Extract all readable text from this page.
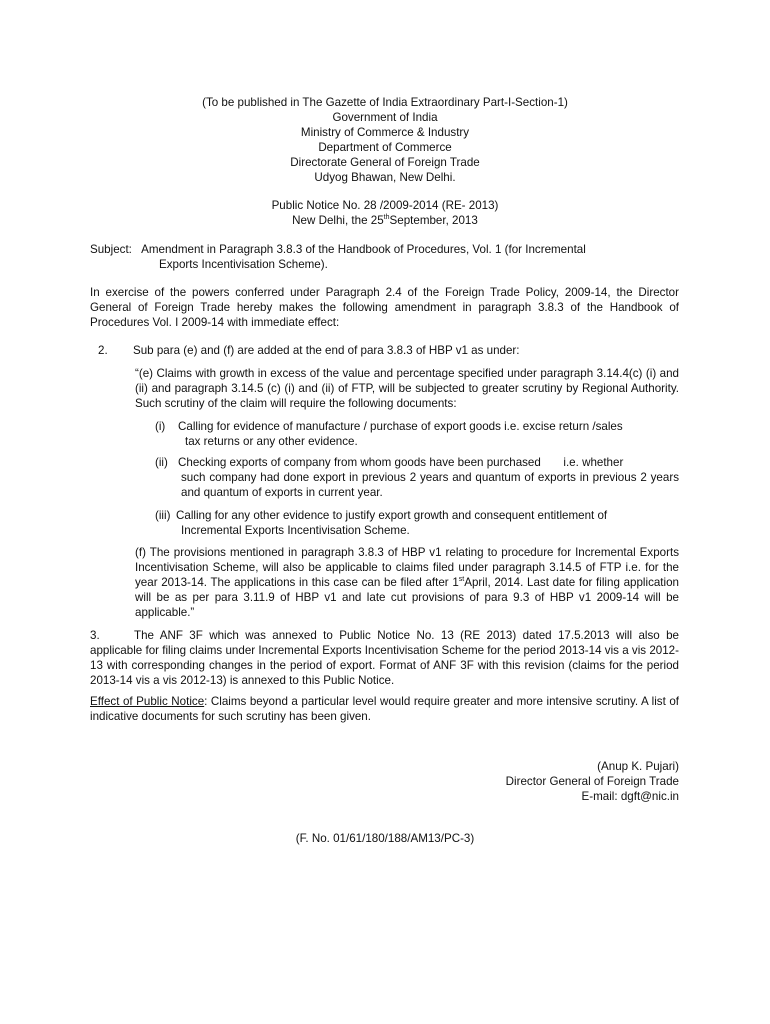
(To be published in The Gazette of India Extraordinary Part-I-Section-1)
Government of India
Ministry of Commerce & Industry
Department of Commerce
Directorate General of Foreign Trade
Udyog Bhawan, New Delhi.
Public Notice No. 28 /2009-2014 (RE- 2013)
New Delhi, the 25thSeptember, 2013
Subject: Amendment in Paragraph 3.8.3 of the Handbook of Procedures, Vol. 1 (for Incremental
Exports Incentivisation Scheme).
In exercise of the powers conferred under Paragraph 2.4 of the Foreign Trade Policy, 2009-14, the Director General of Foreign Trade hereby makes the following amendment in paragraph 3.8.3 of the Handbook of Procedures Vol. I 2009-14 with immediate effect:
2. Sub para (e) and (f) are added at the end of para 3.8.3 of HBP v1 as under:
“(e) Claims with growth in excess of the value and percentage specified under paragraph 3.14.4(c) (i) and (ii) and paragraph 3.14.5 (c) (i) and (ii) of FTP, will be subjected to greater scrutiny by Regional Authority. Such scrutiny of the claim will require the following documents:
(i) Calling for evidence of manufacture / purchase of export goods i.e. excise return /sales
tax returns or any other evidence.
(ii) Checking exports of company from whom goods have been purchased       i.e. whether
such company had done export in previous 2 years and quantum of exports in previous 2 years and quantum of exports in current year.
(iii) Calling for any other evidence to justify export growth and consequent entitlement of
Incremental Exports Incentivisation Scheme.
(f) The provisions mentioned in paragraph 3.8.3 of HBP v1 relating to procedure for Incremental Exports Incentivisation Scheme, will also be applicable to claims filed under paragraph 3.14.5 of FTP i.e. for the year 2013-14. The applications in this case can be filed after 1stApril, 2014. Last date for filing application will be as per para 3.11.9 of HBP v1 and late cut provisions of para 9.3 of HBP v1 2009-14 will be applicable.”
3.	The ANF 3F which was annexed to Public Notice No. 13 (RE 2013) dated 17.5.2013 will also be applicable for filing claims under Incremental Exports Incentivisation Scheme for the period 2013-14 vis a vis 2012-13 with corresponding changes in the period of export. Format of ANF 3F with this revision (claims for the period 2013-14 vis a vis 2012-13) is annexed to this Public Notice.
Effect of Public Notice: Claims beyond a particular level would require greater and more intensive scrutiny. A list of indicative documents for such scrutiny has been given.
(Anup K. Pujari)
Director General of Foreign Trade
E-mail: dgft@nic.in
(F. No. 01/61/180/188/AM13/PC-3)
